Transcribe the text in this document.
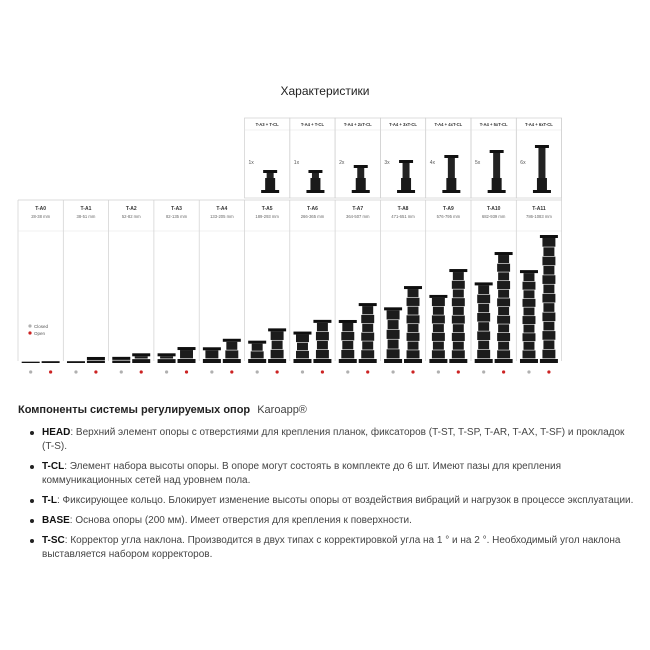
Характеристики
T-A0
28-38 mm
T-A1
38-51 mm
T-A2
52-82 mm
T-A3
82-135 mm
T-A4
133-205 mm
T-A5
189-293 mm
T-A3 + T-CL
1x
T-A6
266-365 mm
T-A4 + T-CL
1x
T-A7
364-507 mm
T-A4 + 2xT-CL
2x
T-A8
471-651 mm
T-A4 + 3xT-CL
3x
T-A9
576-795 mm
T-A4 + 4xT-CL
4x
T-A10
682-939 mm
T-A4 + 5xT-CL
5x
T-A11
786-1083 mm
T-A4 + 6xT-CL
6x
Closed
Open
Компоненты системы регулируемых опор Karoapp®
HEAD: Верхний элемент опоры с отверстиями для крепления планок, фиксаторов (T-ST, T-SP, T-AR, T-AX, T-SF) и прокладок (T-S).
T-CL: Элемент набора высоты опоры. В опоре могут состоять в комплекте до 6 шт. Имеют пазы для крепления коммуникационных сетей над уровнем пола.
T-L: Фиксирующее кольцо. Блокирует изменение высоты опоры от воздействия вибраций и нагрузок в процессе эксплуатации.
BASE: Основа опоры (200 мм). Имеет отверстия для крепления к поверхности.
T-SC: Корректор угла наклона. Производится в двух типах с корректировкой угла на 1 ° и на 2 °. Необходимый угол наклона выставляется набором корректоров.
